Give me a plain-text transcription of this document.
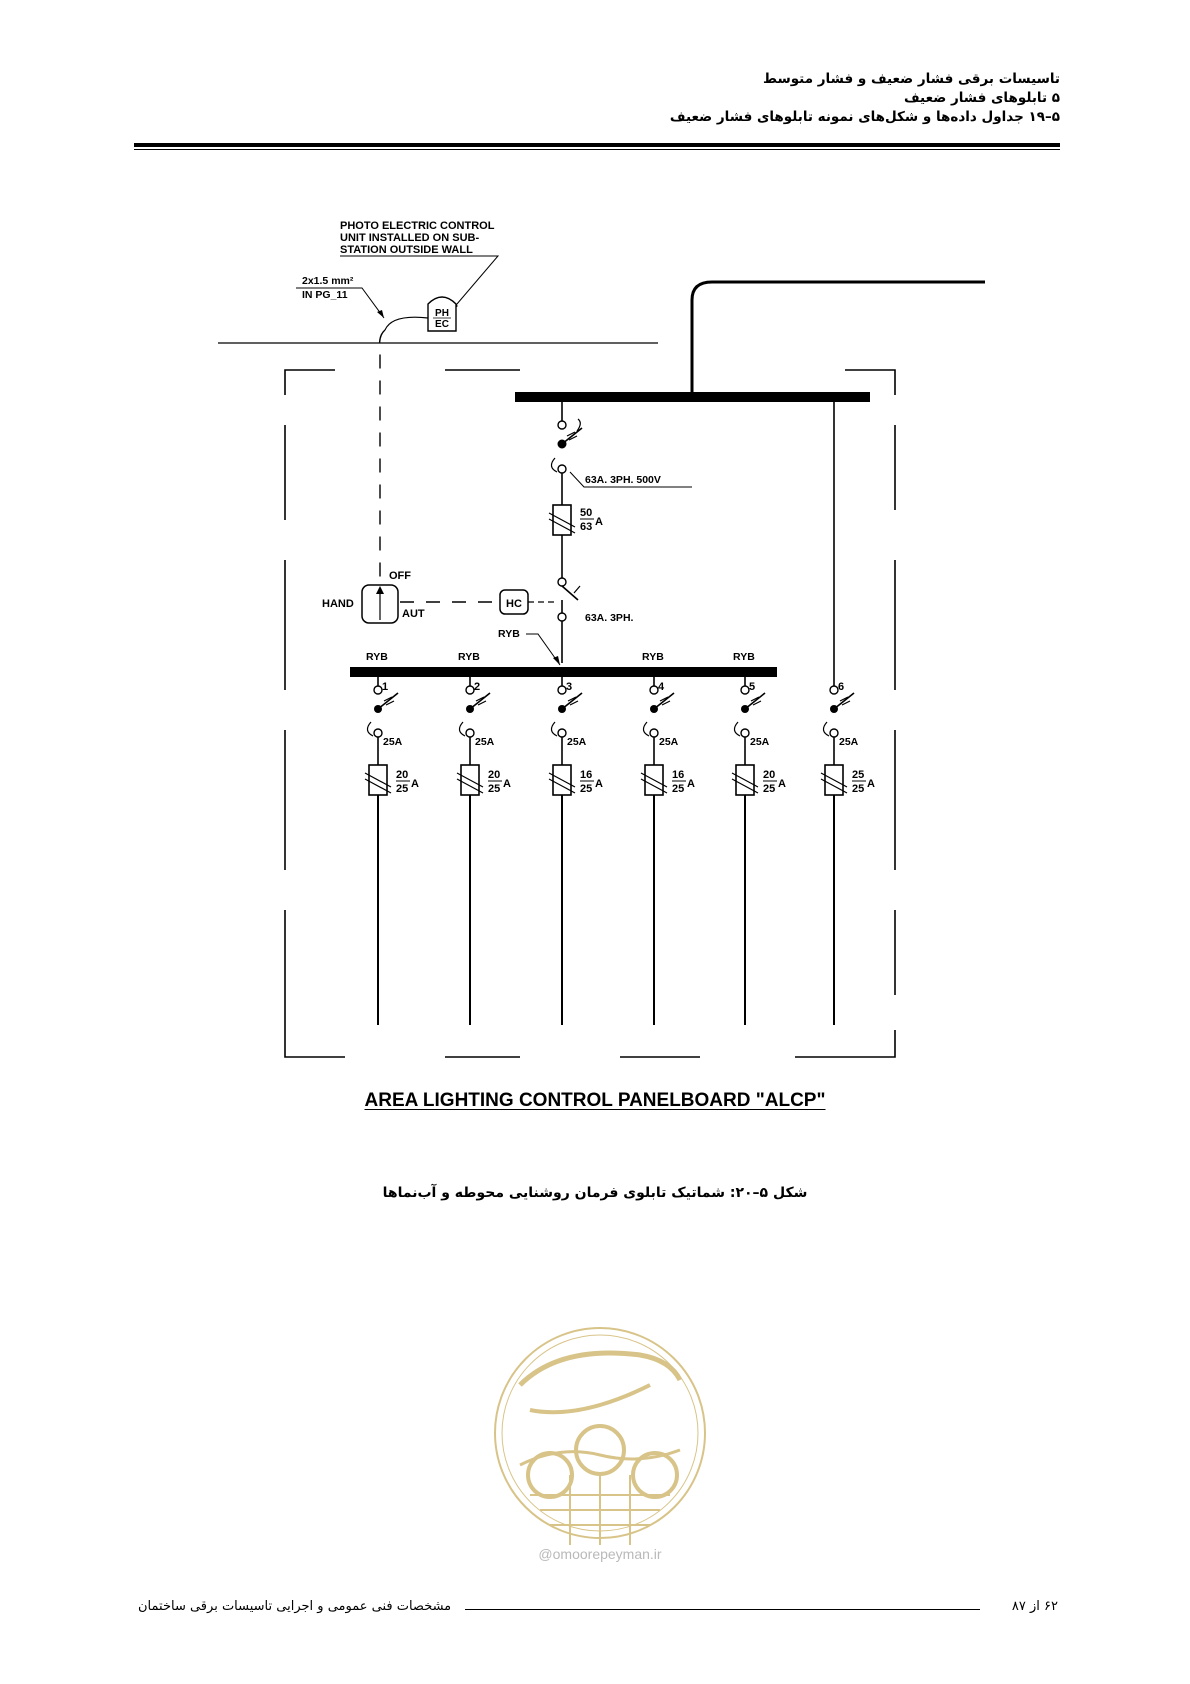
تاسیسات برقی فشار ضعیف و فشار متوسط
۵ تابلوهای فشار ضعیف
۵–۱۹ جداول داده‌ها و شکل‌های نمونه تابلوهای فشار ضعیف
PHOTO ELECTRIC CONTROL
UNIT INSTALLED ON SUB-
STATION OUTSIDE WALL
2x1.5 mm²
IN PG_11
PH
EC
OFF
HAND
AUT
HC
63A. 3PH. 500V
50
63 A
63A. 3PH.
RYB
1
RYB
25A
20
25 A
2
RYB
25A
20
25 A
3
25A
16
25 A
4
RYB
25A
16
25 A
5
RYB
25A
20
25 A
6
25A
25
25 A
AREA LIGHTING CONTROL PANELBOARD "ALCP"
شکل ۵–۲۰: شماتیک تابلوی فرمان روشنایی محوطه و آب‌نماها
@omoorepeyman.ir
مشخصات فنی عمومی و اجرایی تاسیسات برقی ساختمان	۶۲ از ۸۷
